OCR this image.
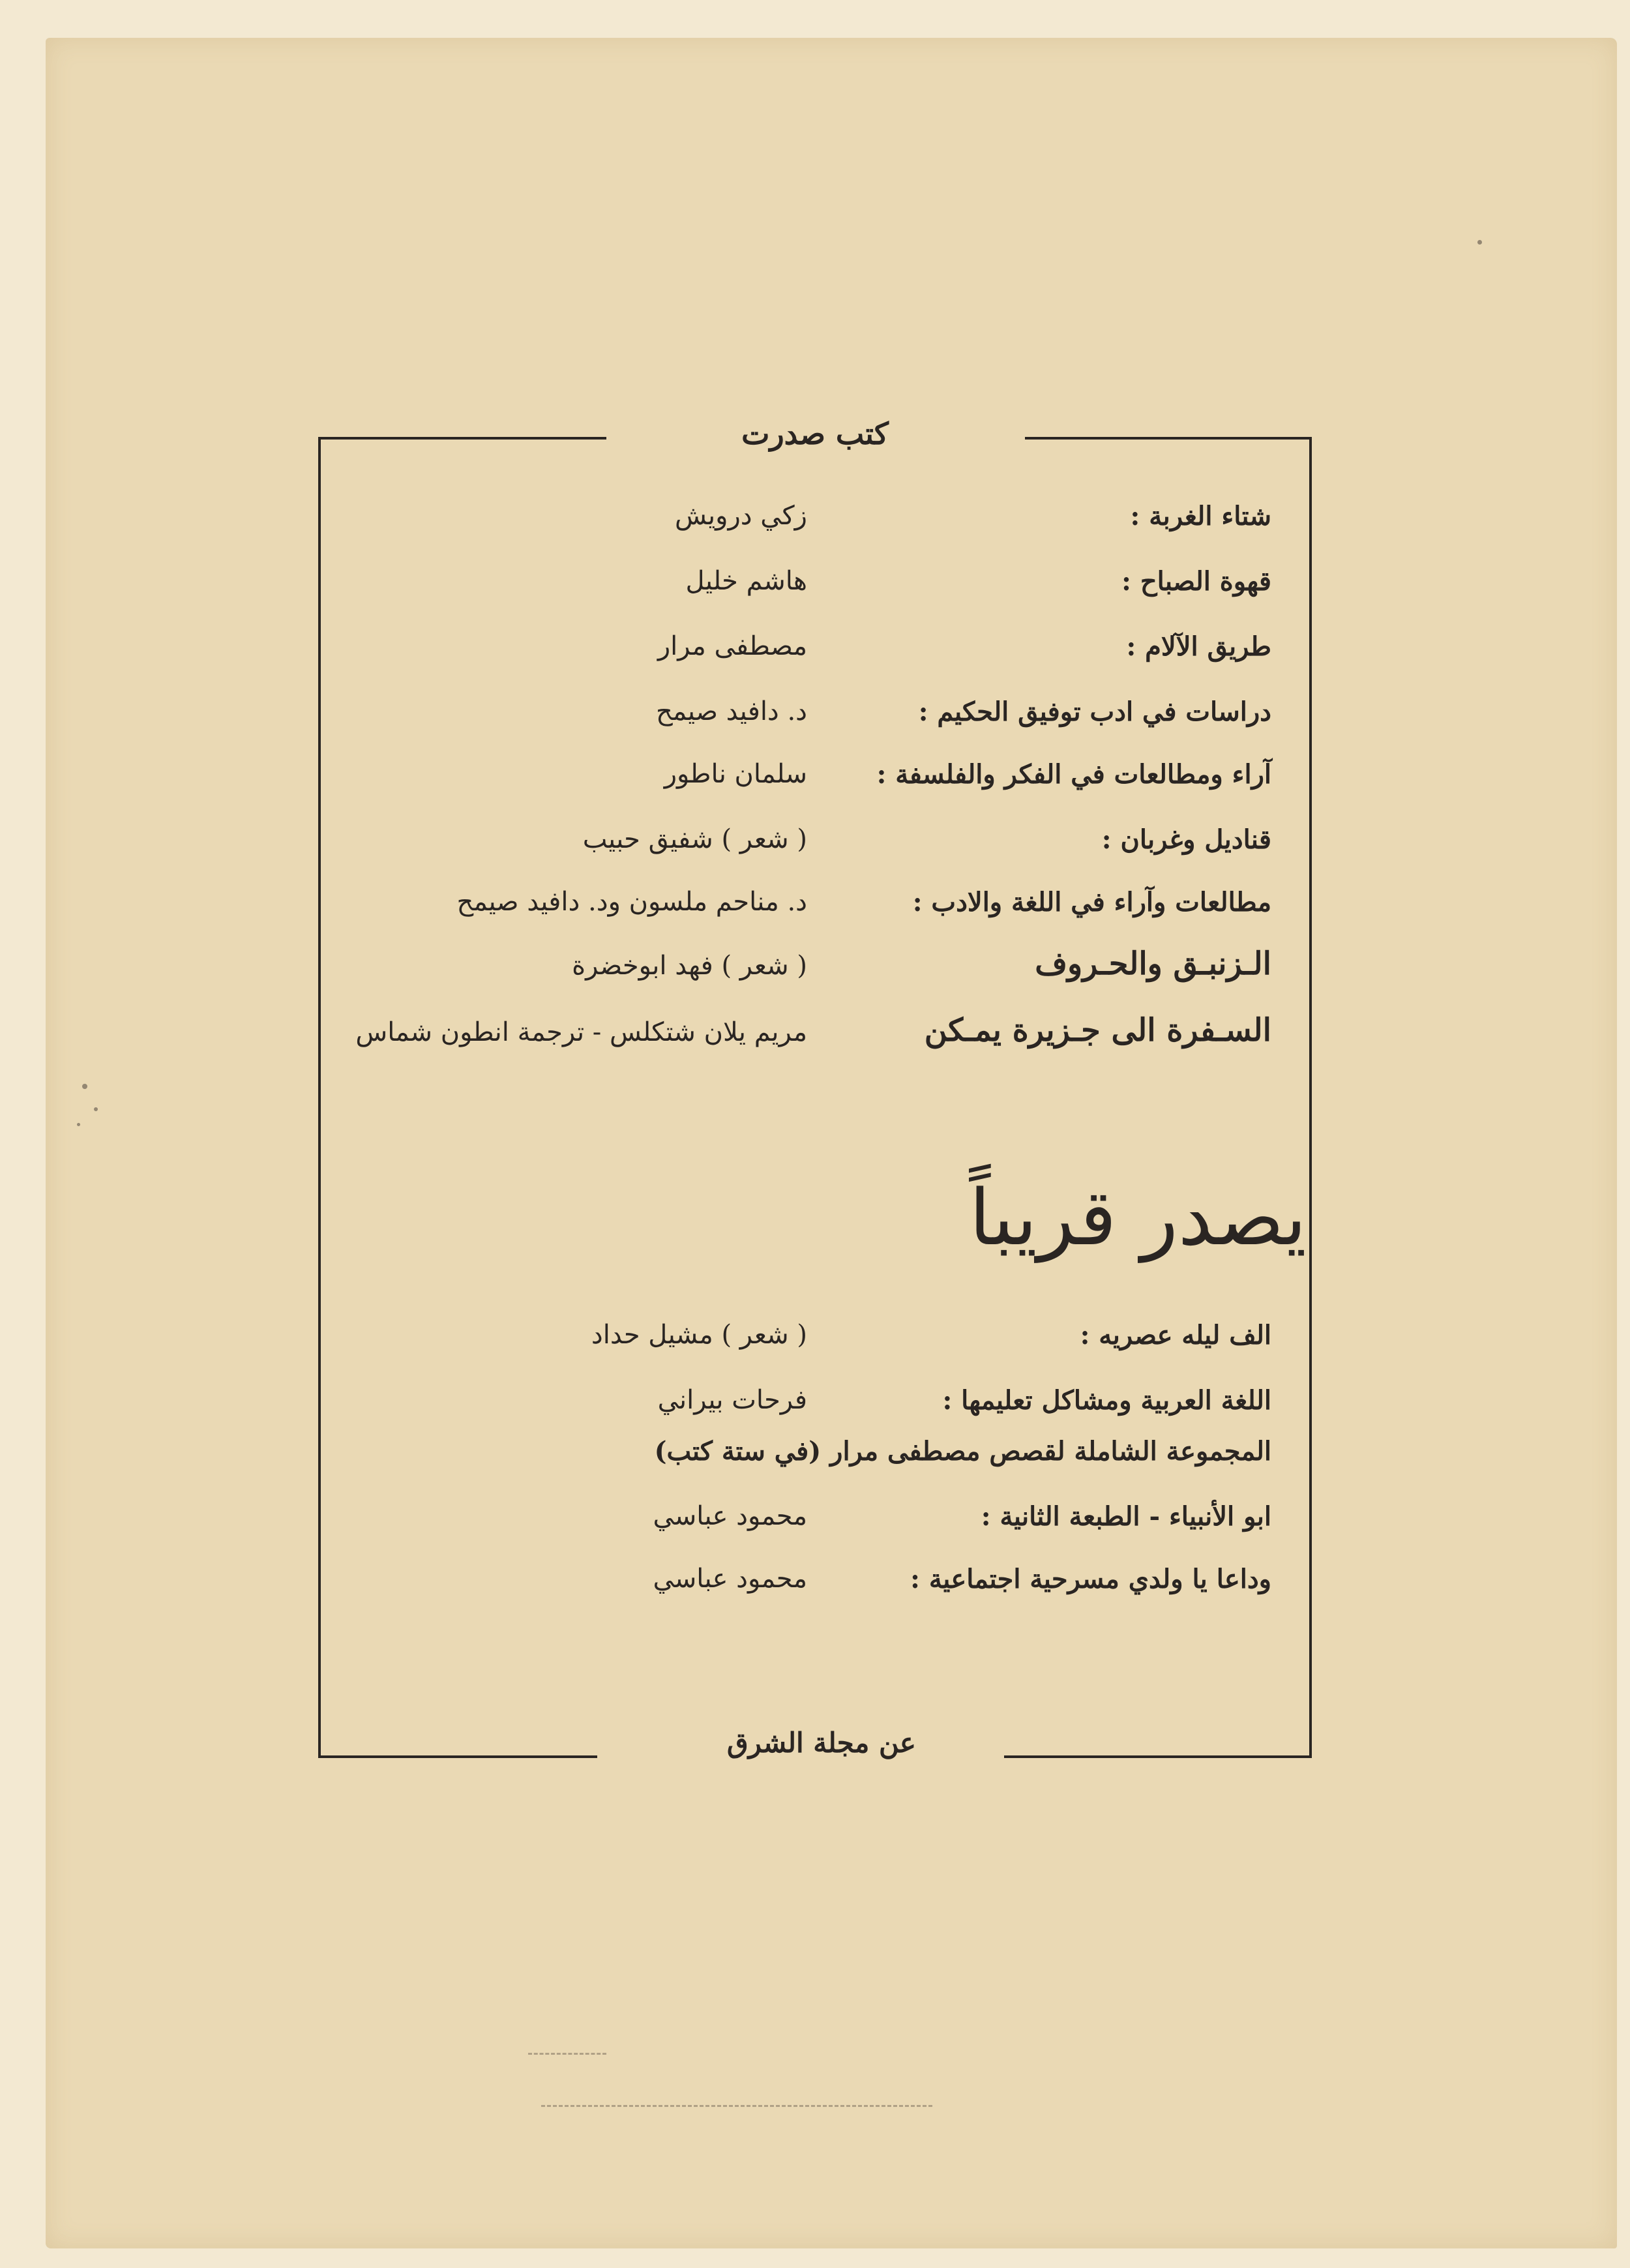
كتب صدرت
عن مجلة الشرق
شتاء الغربة :
زكي درويش
قهوة الصباح :
هاشم خليل
طريق الآلام :
مصطفى مرار
دراسات في ادب توفيق الحكيم :
د. دافيد صيمح
آراء ومطالعات في الفكر والفلسفة :
سلمان ناطور
قناديل وغربان :
( شعر ) شفيق حبيب
مطالعات وآراء في اللغة والادب :
د. مناحم ملسون ود. دافيد صيمح
الـزنبـق والحـروف
( شعر ) فهد ابوخضرة
السـفرة الى جـزيرة يمـكن
مريم يلان شتكلس - ترجمة انطون شماس
يصدر قريباً
الف ليله عصريه :
( شعر ) مشيل حداد
اللغة العربية ومشاكل تعليمها :
فرحات بيراني
المجموعة الشاملة لقصص مصطفى مرار (في ستة كتب)
ابو الأنبياء - الطبعة الثانية :
محمود عباسي
وداعا يا ولدي مسرحية اجتماعية :
محمود عباسي
